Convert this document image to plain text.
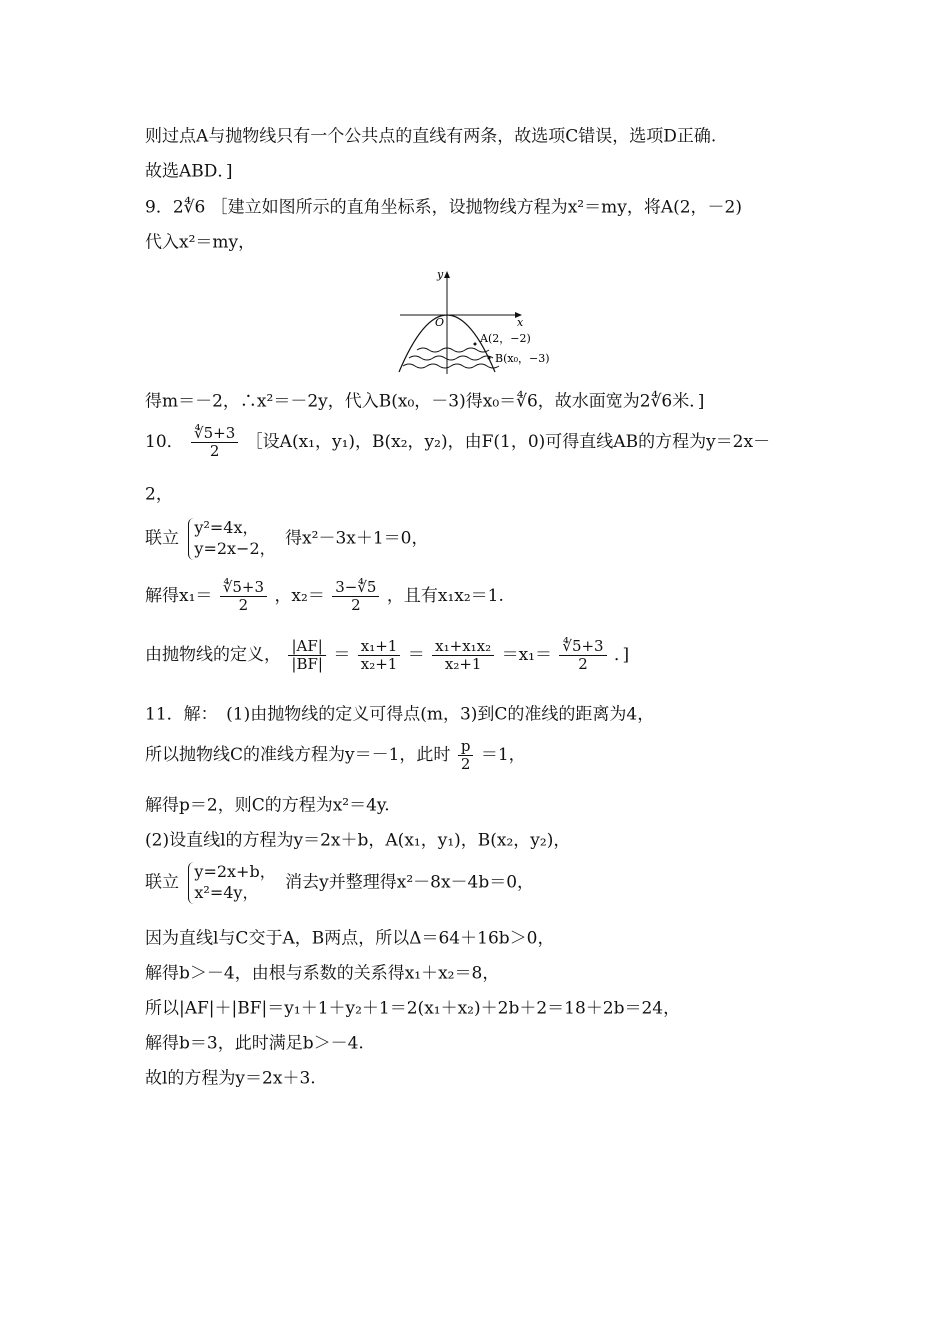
则过点A与抛物线只有一个公共点的直线有两条，故选项C错误，选项D正确.
故选ABD．]
9．2∜6 ［建立如图所示的直角坐标系，设抛物线方程为x²＝my，将A(2，－2)
代入x²＝my，
y
x
O
A(2，−2)
B(x₀，−3)
得m＝－2，∴x²＝－2y，代入B(x₀，－3)得x₀＝∜6，故水面宽为2∜6米．]
10． $\frac{∜5+3}{2}$ ［设A(x₁，y₁)，B(x₂，y₂)，由F(1，0)可得直线AB的方程为y＝2x－
2，
联立
y²=4x，
y=2x−2， 得x²－3x＋1＝0，
解得$x_1= \frac{∜5+3}{2}$ ，$x_2= \frac{3-∜5}{2}$ ，且有x₁x₂＝1.
由抛物线的定义， $\frac{|AF|}{|BF|} = \frac{\text{x₁+1}}{\text{x₂+1}} = \frac{\text{x₁+x₁x₂}}{\text{x₂+1}} =x_1= \frac{∜5+3}{2}$ ．]
11．解：　(1)由抛物线的定义可得点(m，3)到C的准线的距离为4，
所以抛物线C的准线方程为y＝－1，此时 $\frac{p}{2} =1$，
解得p＝2，则C的方程为x²＝4y.
(2)设直线l的方程为y＝2x＋b，A(x₁，y₁)，B(x₂，y₂)，
联立
y=2x+b，
x²=4y，	消去y并整理得x²－8x－4b＝0，
因为直线l与C交于A，B两点，所以Δ＝64＋16b＞0，
解得b＞－4，由根与系数的关系得x₁＋x₂＝8，
所以|AF|＋|BF|＝y₁＋1＋y₂＋1＝2(x₁＋x₂)＋2b＋2＝18＋2b＝24，
解得b＝3，此时满足b＞－4.
故l的方程为y＝2x＋3.
